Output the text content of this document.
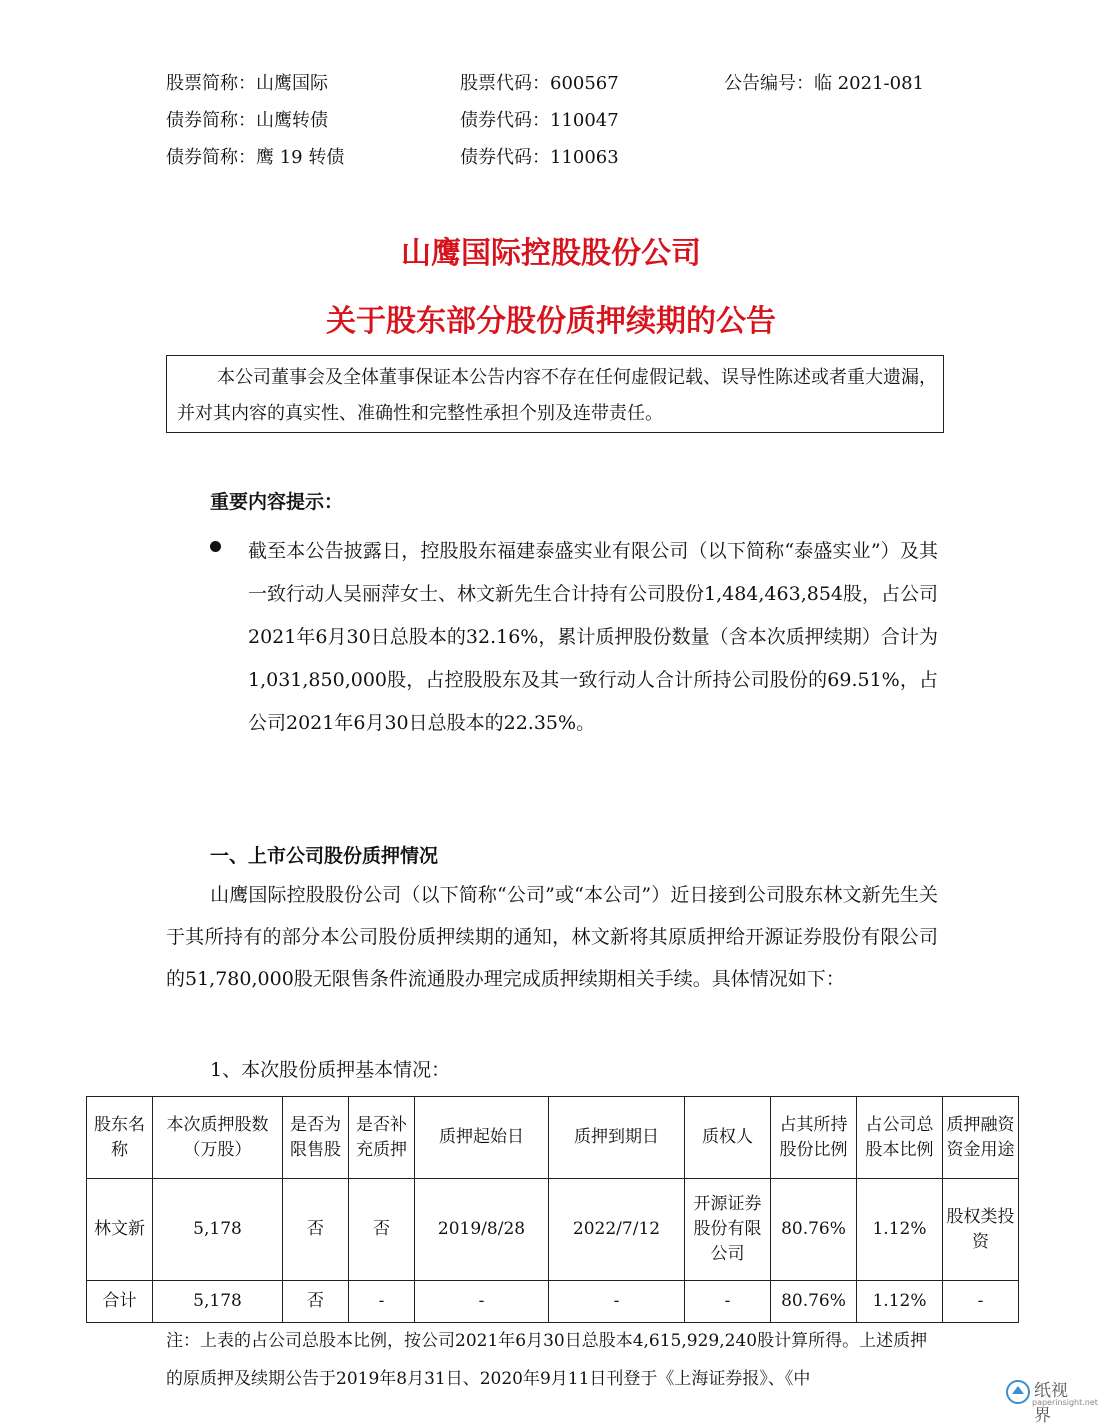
股票简称：山鹰国际	股票代码：600567	公告编号：临 2021-081
债券简称：山鹰转债	债券代码：110047
债券简称：鹰 19 转债	债券代码：110063
山鹰国际控股股份公司
关于股东部分股份质押续期的公告
本公司董事会及全体董事保证本公告内容不存在任何虚假记载、误导性陈述或者重大遗漏，并对其内容的真实性、准确性和完整性承担个别及连带责任。
重要内容提示：
截至本公告披露日，控股股东福建泰盛实业有限公司（以下简称“泰盛实业”）及其一致行动人吴丽萍女士、林文新先生合计持有公司股份1,484,463,854股，占公司2021年6月30日总股本的32.16%，累计质押股份数量（含本次质押续期）合计为1,031,850,000股，占控股股东及其一致行动人合计所持公司股份的69.51%，占公司2021年6月30日总股本的22.35%。
一、上市公司股份质押情况
山鹰国际控股股份公司（以下简称“公司”或“本公司”）近日接到公司股东林文新先生关于其所持有的部分本公司股份质押续期的通知，林文新将其原质押给开源证券股份有限公司的51,780,000股无限售条件流通股办理完成质押续期相关手续。具体情况如下：
1、本次股份质押基本情况：
股东名称	本次质押股数（万股）	是否为限售股	是否补充质押	质押起始日	质押到期日	质权人	占其所持股份比例	占公司总股本比例	质押融资资金用途
林文新	5,178	否	否	2019/8/28	2022/7/12	开源证券股份有限公司	80.76%	1.12%	股权类投资
合计	5,178	否	-	-	-	-	80.76%	1.12%	-
注：上表的占公司总股本比例，按公司2021年6月30日总股本4,615,929,240股计算所得。上述质押的原质押及续期公告于2019年8月31日、2020年9月11日刊登于《上海证券报》、《中
纸视界
paperinsight.net
